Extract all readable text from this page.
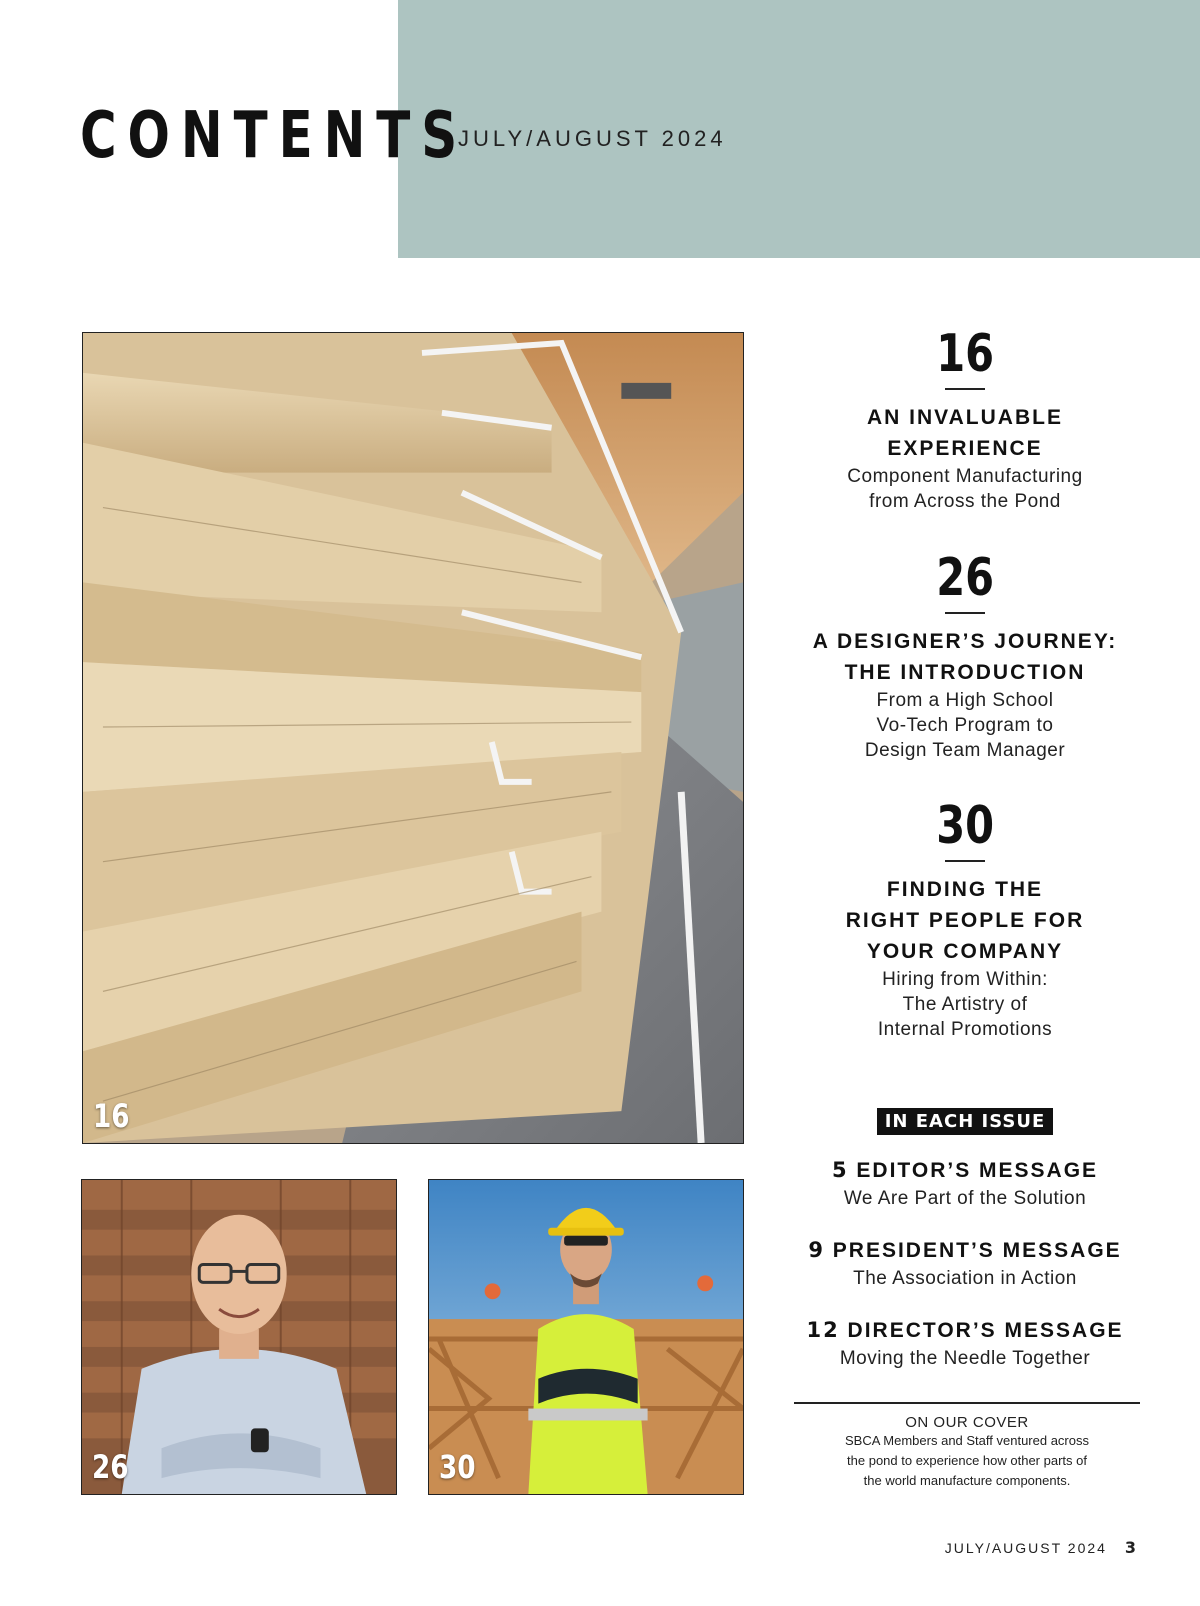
CONTENTS
JULY/AUGUST 2024
16
26	30
16
AN INVALUABLE
EXPERIENCE
Component Manufacturing
from Across the Pond
26
A DESIGNER’S JOURNEY:
THE INTRODUCTION
From a High School
Vo-Tech Program to
Design Team Manager
30
FINDING THE
RIGHT PEOPLE FOR
YOUR COMPANY
Hiring from Within:
The Artistry of
Internal Promotions
IN EACH ISSUE
5 EDITOR’S MESSAGE
We Are Part of the Solution
9 PRESIDENT’S MESSAGE
The Association in Action
12 DIRECTOR’S MESSAGE
Moving the Needle Together
ON OUR COVER
SBCA Members and Staff ventured across
the pond to experience how other parts of
the world manufacture components.
JULY/AUGUST 2024 3
